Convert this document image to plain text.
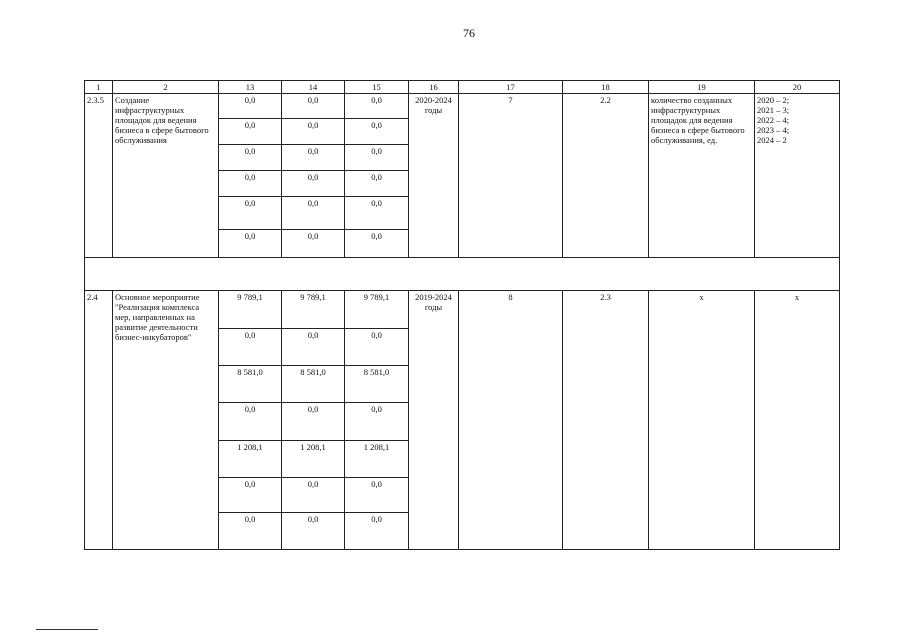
76
1	2	13	14	15	16	17	18	19	20
2.3.5	Создание инфраструктурных площадок для ведения бизнеса в сфере бытового обслуживания	0,0	0,0	0,0	2020-2024 годы	7	2.2	количество созданных инфраструктурных площадок для ведения бизнеса в сфере бытового обслуживания, ед.	2020 – 2;
2021 – 3;
2022 – 4;
2023 – 4;
2024 – 2

		0,0	0,0	0,0					
		0,0	0,0	0,0					
		0,0	0,0	0,0					
		0,0	0,0	0,0					
		0,0	0,0	0,0					

2.4	Основное мероприятие "Реализация комплекса мер, направленных на развитие деятельности бизнес-инкубаторов"	9 789,1	9 789,1	9 789,1	2019-2024 годы	8	2.3	x	x
		0,0	0,0	0,0					
		8 581,0	8 581,0	8 581,0					
		0,0	0,0	0,0					
		1 208,1	1 208,1	1 208,1					
		0,0	0,0	0,0					
		0,0	0,0	0,0					
